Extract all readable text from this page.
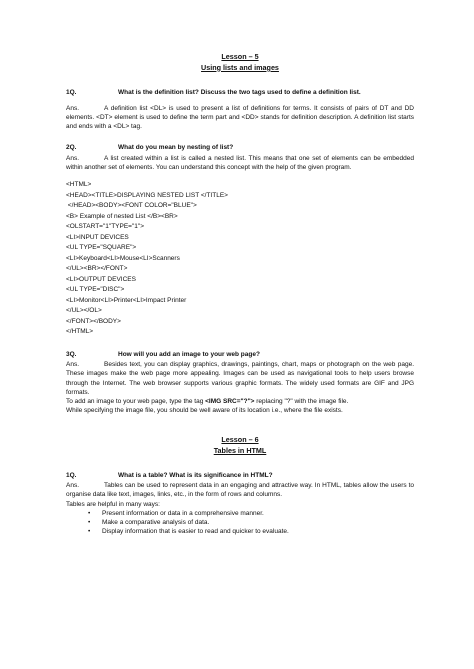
Lesson – 5
Using lists and images
1Q.	What is the definition list? Discuss the two tags used to define a definition list.
Ans.	A definition list <DL> is used to present a list of definitions for terms. It consists of pairs of DT and DD elements. <DT> element is used to define the term part and <DD> stands for definition description. A definition list starts and ends with a <DL> tag.
2Q.	What do you mean by nesting of list?
Ans.	A list created within a list is called a nested list. This means that one set of elements can be embedded within another set of elements. You can understand this concept with the help of the given program.
<HTML>
<HEAD><TITLE>DISPLAYING NESTED LIST </TITLE>
</HEAD><BODY><FONT COLOR="BLUE">
<B> Example of nested List </B><BR>
<OLSTART="1"TYPE="1">
<LI>INPUT DEVICES
<UL TYPE="SQUARE">
<LI>Keyboard<LI>Mouse<LI>Scanners
</UL><BR></FONT>
<LI>OUTPUT DEVICES
<UL TYPE="DISC">
<LI>Monitor<LI>Printer<LI>Impact Printer
</UL></OL>
</FONT></BODY>
</HTML>
3Q.	How will you add an image to your web page?
Ans.	Besides text, you can display graphics, drawings, paintings, chart, maps or photograph on the web page. These images make the web page more appealing. Images can be used as navigational tools to help users browse through the Internet. The web browser supports various graphic formats. The widely used formats are GIF and JPG formats.
To add an image to your web page, type the tag <IMG SRC="?"> replacing "?" with the image file.
While specifying the image file, you should be well aware of its location i.e., where the file exists.
Lesson – 6
Tables in HTML
1Q.	What is a table? What is its significance in HTML?
Ans.	Tables can be used to represent data in an engaging and attractive way. In HTML, tables allow the users to organise data like text, images, links, etc., in the form of rows and columns.
Tables are helpful in many ways:
• Present information or data in a comprehensive manner.
• Make a comparative analysis of data.
• Display information that is easier to read and quicker to evaluate.
